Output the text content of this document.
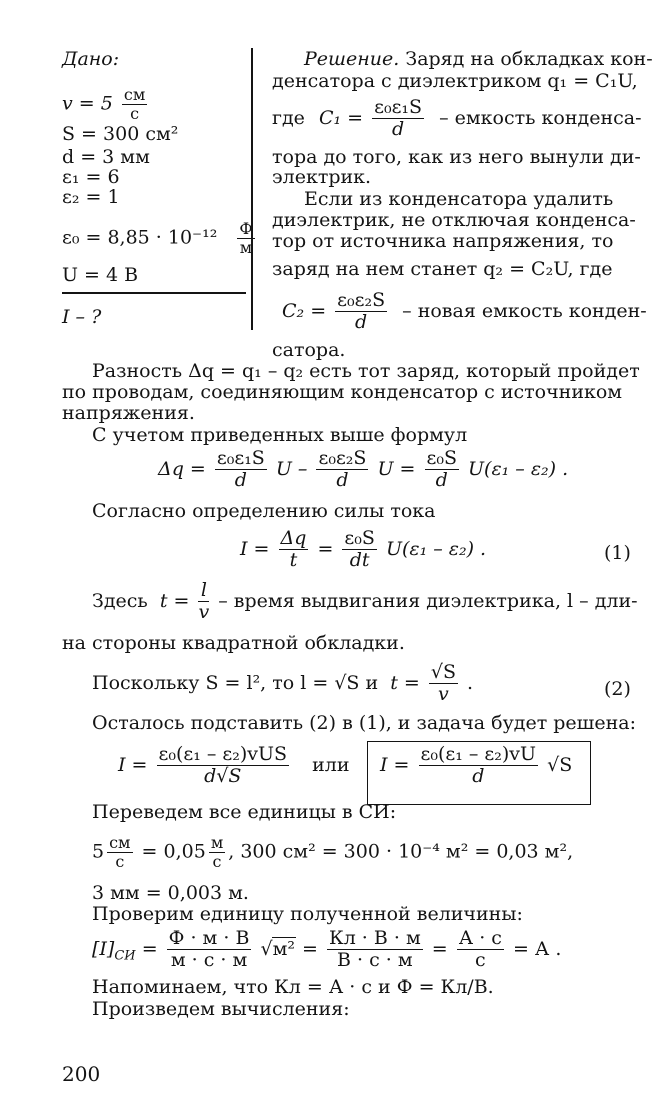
Дано:
v = 5 см
с
S = 300 см²
d = 3 мм
ε₁ = 6
ε₂ = 1
ε₀ = 8,85 · 10⁻¹² Ф
м
U = 4 В
I – ?
Решение. Заряд на обкладках кон-
денсатора с диэлектриком q₁ = C₁U,
где $C_1 = \frac{\text{ε₀ε₁S}}{d}$ – емкость конденса-
тора до того, как из него вынули ди-
электрик.
Если из конденсатора удалить
диэлектрик, не отключая конденса-
тор от источника напряжения, то
заряд на нем станет q₂ = C₂U, где
$C_2 = \frac{\text{ε₀ε₂S}}{d}$ – новая емкость конден-
сатора.
Разность Δq = q₁ – q₂ есть тот заряд, который пройдет
по проводам, соединяющим конденсатор с источником
напряжения.
С учетом приведенных выше формул
$\Delta q = \frac{\text{ε₀ε₁S}}{d}$ U – $\frac{\text{ε₀ε₂S}}{d}$ $U = \frac{\text{ε₀S}}{d} U(\varepsilon_1 - \varepsilon_2)$ .
Согласно определению силы тока
$I = \frac{\Delta q}{t} = \frac{\text{ε₀S}}{dt} U(\varepsilon_1 - \varepsilon_2)$ .	(1)
Здесь $t = \frac{l}{v}$ – время выдвигания диэлектрика, l – дли-
на стороны квадратной обкладки.
Поскольку S = l², то l = √S и $t = \frac{√S}{v}$ .	(2)
Осталось подставить (2) в (1), и задача будет решена:
I = ε₀(ε₁ – ε₂)vUS
d√S
или $I = \frac{\text{ε₀(ε₁ – ε₂)vU}}{d} √S$
Переведем все единицы в СИ:
5 см
с = 0,05 м
с , 300 см² = 300 · 10⁻⁴ м² = 0,03 м²,
3 мм = 0,003 м.
Проверим единицу полученной величины:
$[I]_{СИ} = Ф \cdot м \cdot В$
м · с · м
√м² = Кл · В · м
В · с · м
= А · с
с
= А .
Напоминаем, что Кл = А · с и Ф = Кл/В.
Произведем вычисления:
200
